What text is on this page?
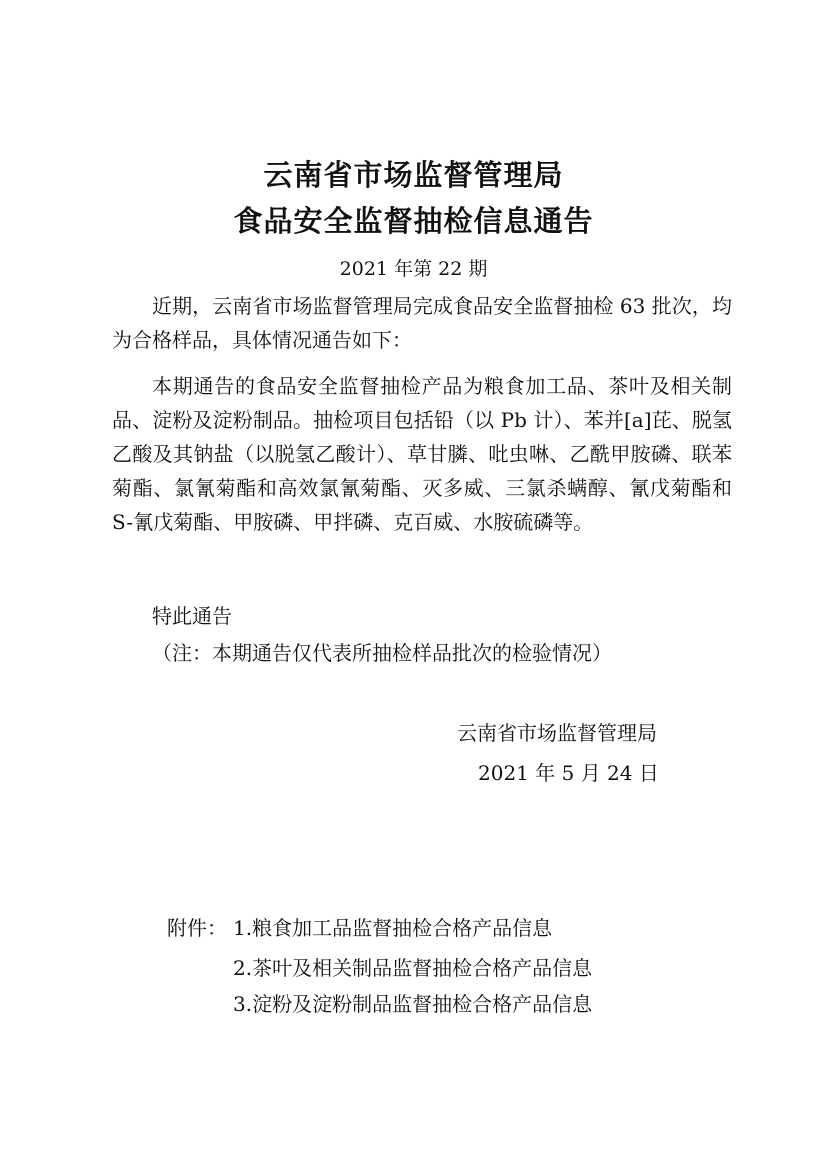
云南省市场监督管理局
食品安全监督抽检信息通告
2021 年第 22 期
近期，云南省市场监督管理局完成食品安全监督抽检 63 批次，均为合格样品，具体情况通告如下：
本期通告的食品安全监督抽检产品为粮食加工品、茶叶及相关制品、淀粉及淀粉制品。抽检项目包括铅（以 Pb 计）、苯并[a]芘、脱氢乙酸及其钠盐（以脱氢乙酸计）、草甘膦、吡虫啉、乙酰甲胺磷、联苯菊酯、氯氰菊酯和高效氯氰菊酯、灭多威、三氯杀螨醇、氰戊菊酯和 S-氰戊菊酯、甲胺磷、甲拌磷、克百威、水胺硫磷等。
特此通告
（注：本期通告仅代表所抽检样品批次的检验情况）
云南省市场监督管理局
2021 年 5 月 24 日
附件： 1.粮食加工品监督抽检合格产品信息
2.茶叶及相关制品监督抽检合格产品信息
3.淀粉及淀粉制品监督抽检合格产品信息
